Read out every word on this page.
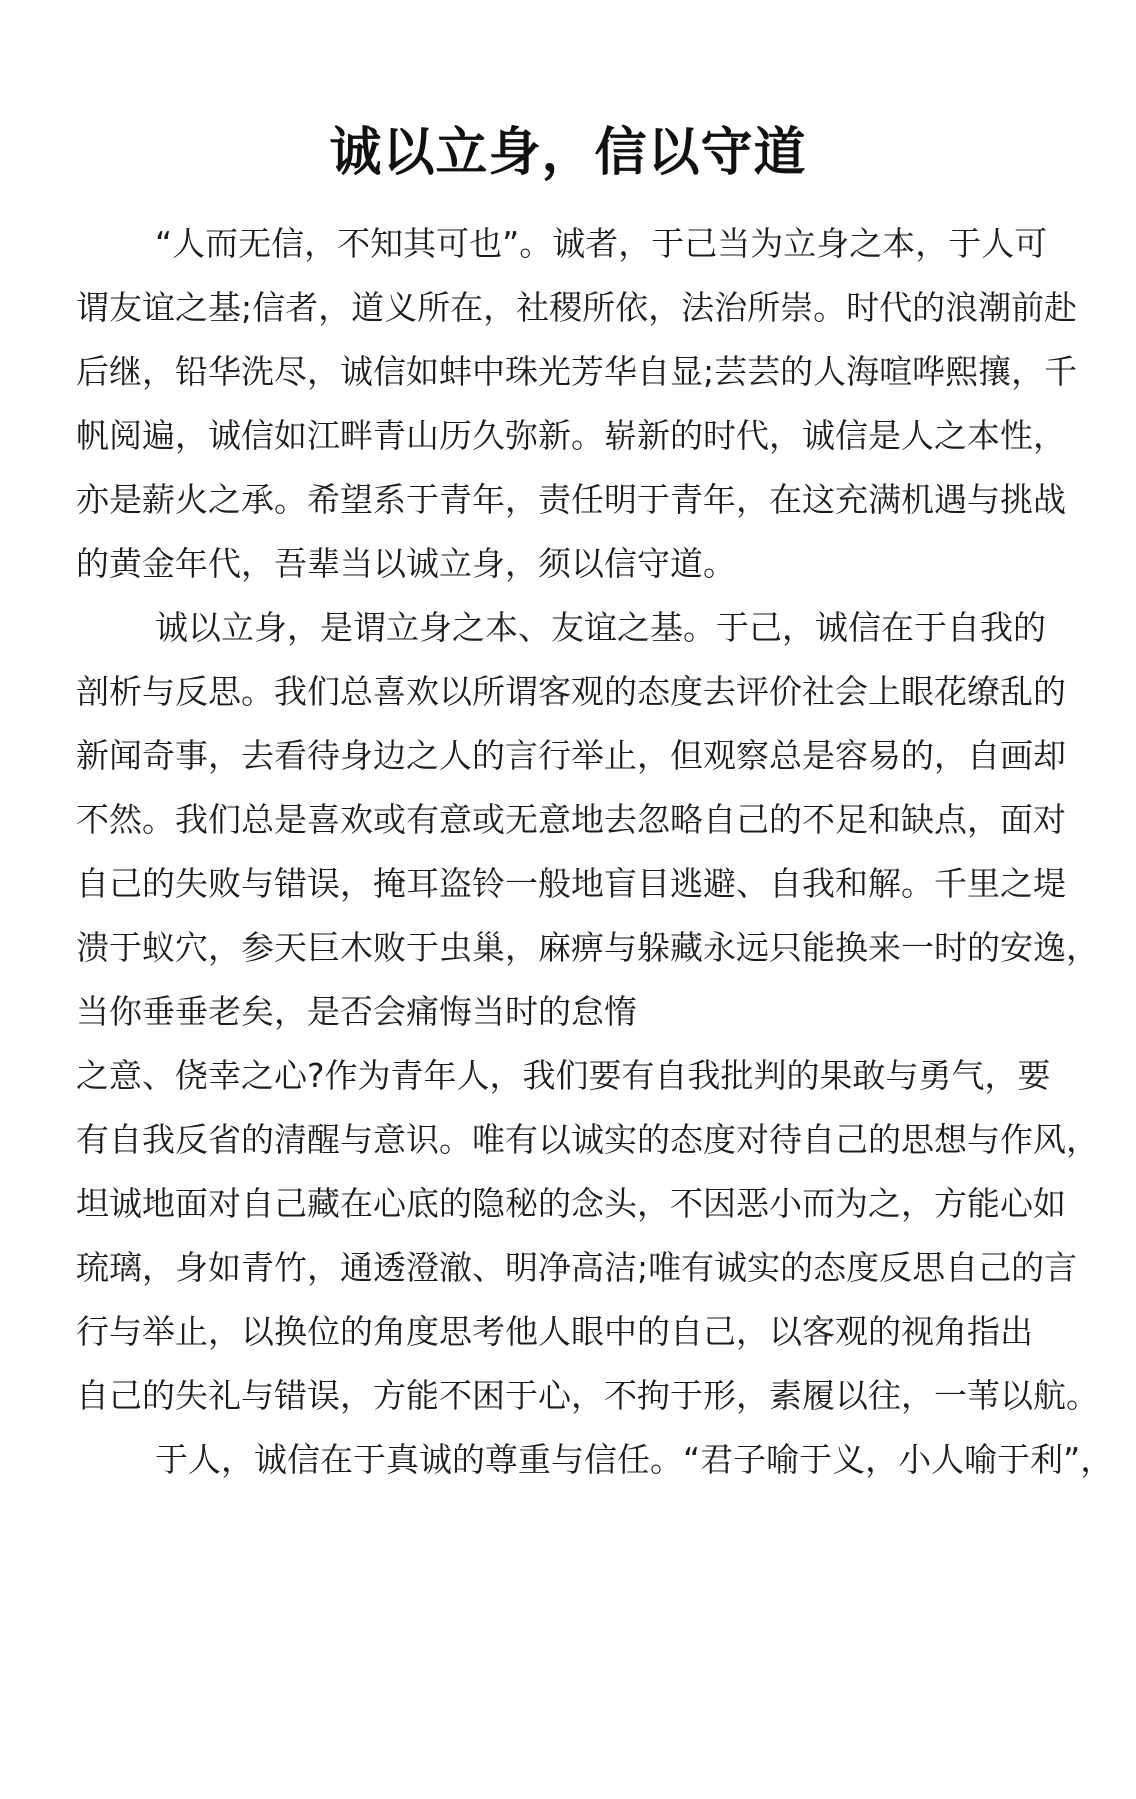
诚以立身，信以守道
“人而无信，不知其可也”。诚者，于己当为立身之本，于人可
谓友谊之基;信者，道义所在，社稷所依，法治所崇。时代的浪潮前赴
后继，铅华洗尽，诚信如蚌中珠光芳华自显;芸芸的人海喧哗熙攘，千
帆阅遍，诚信如江畔青山历久弥新。崭新的时代，诚信是人之本性，
亦是薪火之承。希望系于青年，责任明于青年，在这充满机遇与挑战
的黄金年代，吾辈当以诚立身，须以信守道。
诚以立身，是谓立身之本、友谊之基。于己，诚信在于自我的
剖析与反思。我们总喜欢以所谓客观的态度去评价社会上眼花缭乱的
新闻奇事，去看待身边之人的言行举止，但观察总是容易的，自画却
不然。我们总是喜欢或有意或无意地去忽略自己的不足和缺点，面对
自己的失败与错误，掩耳盗铃一般地盲目逃避、自我和解。千里之堤
溃于蚁穴，参天巨木败于虫巢，麻痹与躲藏永远只能换来一时的安逸，
当你垂垂老矣，是否会痛悔当时的怠惰
之意、侥幸之心?作为青年人，我们要有自我批判的果敢与勇气，要
有自我反省的清醒与意识。唯有以诚实的态度对待自己的思想与作风，
坦诚地面对自己藏在心底的隐秘的念头，不因恶小而为之，方能心如
琉璃，身如青竹，通透澄澈、明净高洁;唯有诚实的态度反思自己的言
行与举止，以换位的角度思考他人眼中的自己，以客观的视角指出
自己的失礼与错误，方能不困于心，不拘于形，素履以往，一苇以航。
于人，诚信在于真诚的尊重与信任。“君子喻于义，小人喻于利”，
